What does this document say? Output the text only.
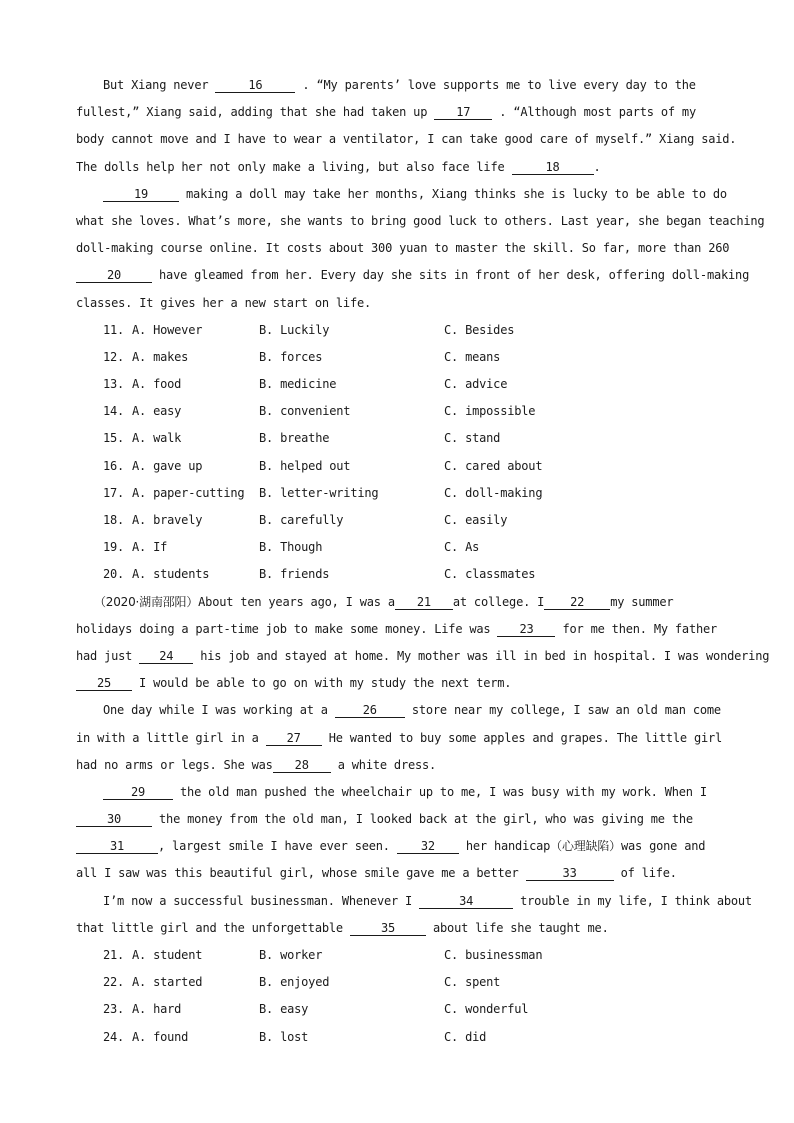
But Xiang never	16	. “My parents’ love supports me to live every day to the
fullest,” Xiang said, adding that she had taken up 17 . “Although most parts of my
body cannot move and I have to wear a ventilator, I can take good care of myself.” Xiang said.
The dolls help her not only make a living, but also face life	18	.
19	making a doll may take her months, Xiang thinks she is lucky to be able to do
what she loves. What’s more, she wants to bring good luck to others. Last year, she began teaching
doll-making course online. It costs about 300 yuan to master the skill. So far, more than 260
20	have gleamed from her. Every day she sits in front of her desk, offering doll-making
classes. It gives her a new start on life.
11. A. However	B. Luckily	C. Besides
12. A. makes	B. forces	C. means
13. A. food	B. medicine	C. advice
14. A. easy	B. convenient	C. impossible
15. A. walk	B. breathe	C. stand
16. A. gave up	B. helped out	C. cared about
17. A. paper-cutting B. letter-writing	C. doll-making
18. A. bravely	B. carefully	C. easily
19. A. If	B. Though	C. As
20. A. students	B. friends	C. classmates
（2020·湖南邵阳）About ten years ago, I was a 21 at college. I 22 my summer
holidays doing a part-time job to make some money. Life was 23 for me then. My father
had just 24 his job and stayed at home. My mother was ill in bed in hospital. I was wondering
25 I would be able to go on with my study the next term.
One day while I was working at a 26 store near my college, I saw an old man come
in with a little girl in a 27 He wanted to buy some apples and grapes. The little girl
had no arms or legs. She was 28 a white dress.
29 the old man pushed the wheelchair up to me, I was busy with my work. When I
30	the money from the old man, I looked back at the girl, who was giving me the
31	, largest smile I have ever seen. 32 her handicap（心理缺陷）was gone and
all I saw was this beautiful girl, whose smile gave me a better	33	of life.
I’m now a successful businessman. Whenever I	34	trouble in my life, I think about
that little girl and the unforgettable	35	about life she taught me.
21. A. student	B. worker	C. businessman
22. A. started	B. enjoyed	C. spent
23. A. hard	B. easy	C. wonderful
24. A. found	B. lost	C. did
